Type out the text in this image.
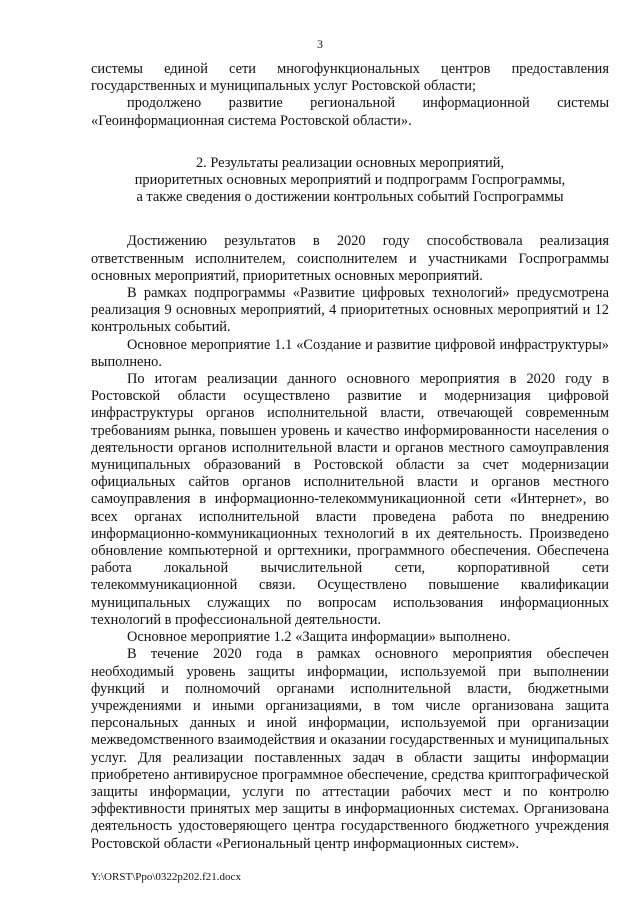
3

системы единой сети многофункциональных центров предоставления государственных и муниципальных услуг Ростовской области;

продолжено развитие региональной информационной системы «Геоинформационная система Ростовской области».

2. Результаты реализации основных мероприятий,
приоритетных основных мероприятий и подпрограмм Госпрограммы,
а также сведения о достижении контрольных событий Госпрограммы

Достижению результатов в 2020 году способствовала реализация ответственным исполнителем, соисполнителем и участниками Госпрограммы основных мероприятий, приоритетных основных мероприятий.

В рамках подпрограммы «Развитие цифровых технологий» предусмотрена реализация 9 основных мероприятий, 4 приоритетных основных мероприятий и 12 контрольных событий.

Основное мероприятие 1.1 «Создание и развитие цифровой инфраструктуры» выполнено.

По итогам реализации данного основного мероприятия в 2020 году в Ростовской области осуществлено развитие и модернизация цифровой инфраструктуры органов исполнительной власти, отвечающей современным требованиям рынка, повышен уровень и качество информированности населения о деятельности органов исполнительной власти и органов местного самоуправления муниципальных образований в Ростовской области за счет модернизации официальных сайтов органов исполнительной власти и органов местного самоуправления в информационно-телекоммуникационной сети «Интернет», во всех органах исполнительной власти проведена работа по внедрению информационно-коммуникационных технологий в их деятельность. Произведено обновление компьютерной и оргтехники, программного обеспечения. Обеспечена работа локальной вычислительной сети, корпоративной сети телекоммуникационной связи. Осуществлено повышение квалификации муниципальных служащих по вопросам использования информационных технологий в профессиональной деятельности.

Основное мероприятие 1.2 «Защита информации» выполнено.

В течение 2020 года в рамках основного мероприятия обеспечен необходимый уровень защиты информации, используемой при выполнении функций и полномочий органами исполнительной власти, бюджетными учреждениями и иными организациями, в том числе организована защита персональных данных и иной информации, используемой при организации межведомственного взаимодействия и оказании государственных и муниципальных услуг. Для реализации поставленных задач в области защиты информации приобретено антивирусное программное обеспечение, средства криптографической защиты информации, услуги по аттестации рабочих мест и по контролю эффективности принятых мер защиты в информационных системах. Организована деятельность удостоверяющего центра государственного бюджетного учреждения Ростовской области «Региональный центр информационных систем».

Y:\ORST\Ppo\0322p202.f21.docx
